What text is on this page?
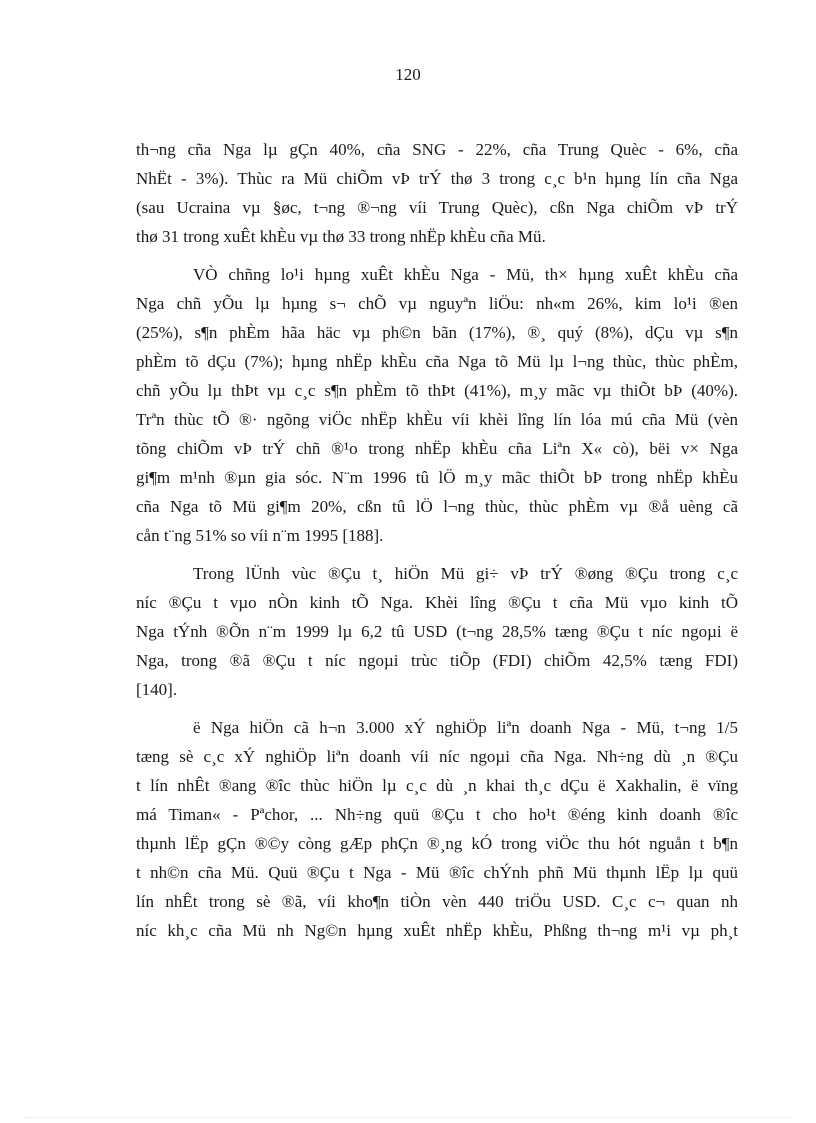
120
th¬ng cña Nga lµ gÇn 40%, cña SNG - 22%, cña Trung Quèc - 6%, cña
NhËt - 3%). Thùc ra Mü chiÕm vÞ trÝ thø 3 trong c¸c b¹n hµng lín cña Nga
(sau Ucraina vµ §øc, t¬ng ®¬ng víi Trung Quèc), cßn Nga chiÕm vÞ trÝ
thø 31 trong xuÊt khÈu vµ thø 33 trong nhËp khÈu cña Mü.
VÒ chñng lo¹i hµng xuÊt khÈu Nga - Mü, th× hµng xuÊt khÈu cña
Nga chñ yÕu lµ hµng s¬ chÕ vµ nguyªn liÖu: nh«m 26%, kim lo¹i ®en
(25%), s¶n phÈm hãa häc vµ ph©n bãn (17%), ®¸ quý (8%), dÇu vµ s¶n
phÈm tõ dÇu (7%); hµng nhËp khÈu cña Nga tõ Mü lµ l¬ng thùc, thùc phÈm,
chñ yÕu lµ thÞt vµ c¸c s¶n phÈm tõ thÞt (41%), m¸y mãc vµ thiÕt bÞ (40%).
Trªn thùc tÕ ®· ngõng viÖc nhËp khÈu víi khèi lîng lín lóa mú cña Mü (vèn
tõng chiÕm vÞ trÝ chñ ®¹o trong nhËp khÈu cña Liªn X« cò), bëi v× Nga
gi¶m m¹nh ®µn gia sóc. N¨m 1996 tû lÖ m¸y mãc thiÕt bÞ trong nhËp khÈu
cña Nga tõ Mü gi¶m 20%, cßn tû lÖ l¬ng thùc, thùc phÈm vµ ®å uèng cã
cån t¨ng 51% so víi n¨m 1995 [188].
Trong lÜnh vùc ®Çu t¸ hiÖn Mü gi÷ vÞ trÝ ®øng ®Çu trong c¸c
níc ®Çu t vµo nÒn kinh tÕ Nga. Khèi lîng ®Çu t cña Mü vµo kinh tÕ
Nga tÝnh ®Õn n¨m 1999 lµ 6,2 tû USD (t¬ng 28,5% tæng ®Çu t níc ngoµi ë
Nga, trong ®ã ®Çu t níc ngoµi trùc tiÕp (FDI) chiÕm 42,5% tæng FDI)
[140].
ë Nga hiÖn cã h¬n 3.000 xÝ nghiÖp liªn doanh Nga - Mü, t¬ng 1/5
tæng sè c¸c xÝ nghiÖp liªn doanh víi níc ngoµi cña Nga. Nh÷ng dù ¸n ®Çu
t lín nhÊt ®ang ®îc thùc hiÖn lµ c¸c dù ¸n khai th¸c dÇu ë Xakhalin, ë vïng
má Timan« - Pªchor, ... Nh÷ng quü ®Çu t cho ho¹t ®éng kinh doanh ®îc
thµnh lËp gÇn ®©y còng gÆp phÇn ®¸ng kÓ trong viÖc thu hót nguån t b¶n
t nh©n cña Mü. Quü ®Çu t Nga - Mü ®îc chÝnh phñ Mü thµnh lËp lµ quü
lín nhÊt trong sè ®ã, víi kho¶n tiÒn vèn 440 triÖu USD. C¸c c¬ quan nh
níc kh¸c cña Mü nh Ng©n hµng xuÊt nhËp khÈu, Phßng th¬ng m¹i vµ ph¸t
